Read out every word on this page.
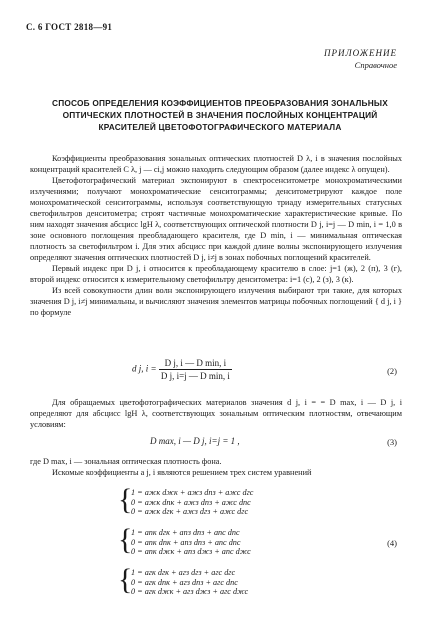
С. 6 ГОСТ 2818—91
ПРИЛОЖЕНИЕ
Справочное
СПОСОБ ОПРЕДЕЛЕНИЯ КОЭФФИЦИЕНТОВ ПРЕОБРАЗОВАНИЯ ЗОНАЛЬНЫХ ОПТИЧЕСКИХ ПЛОТНОСТЕЙ В ЗНАЧЕНИЯ ПОСЛОЙНЫХ КОНЦЕНТРАЦИЙ КРАСИТЕЛЕЙ ЦВЕТОФОТОГРАФИЧЕСКОГО МАТЕРИАЛА

Коэффициенты преобразования зональных оптических плотностей D λ, i в значения послойных концентраций красителей C λ, j — ci,j можно находить следующим образом (далее индекс λ опущен).

Цветофотографический материал экспонируют в спектросенситометре монохроматическими излучениями; получают монохроматические сенситограммы; денситометрируют каждое поле монохроматической сенситограммы, используя соответствующую триаду измерительных статусных светофильтров денситометра; строят частичные монохроматические характеристические кривые. По ним находят значения абсцисс lgH λ, соответствующих оптической плотности D j, i=j — D min, i = 1,0 в зоне основного поглощения преобладающего красителя, где D min, i — минимальная оптическая плотность за светофильтром i. Для этих абсцисс при каждой длине волны экспонирующего излучения определяют значения оптических плотностей D j, i≠j в зонах побочных поглощений красителей.

Первый индекс при D j, i относится к преобладающему красителю в слое: j=1 (ж), 2 (п), 3 (г), второй индекс относится к измерительному светофильтру денситометра: i=1 (с), 2 (з), 3 (к).

Из всей совокупности длин волн экспонирующего излучения выбирают три такие, для которых значения D j, i≠j минимальны, и вычисляют значения элементов матрицы побочных поглощений { d j, i } по формуле

d j, $i = \frac{\text{D j, i — D min, i}}{\text{D j, i=j — D min, i}}$	(2)

Для обращаемых цветофотографических материалов значения d j, i = = D max, i — D j, i определяют для абсцисс lgH λ, соответствующих зональным оптическим плотностям, отвечающим условиям:

D max, i — D j, i=j = 1 ,	(3)

где D max, i — зональная оптическая плотность фона.

Искомые коэффициенты a j, i являются решением трех систем уравнений

{
1 = aжк dжк + aжз dпз + aжс dгс
0 = aжк dпк + aжз dпз + aжс dпс
0 = aжк dгк + aжз dгз + aжс dгс
{
1 = aпк dгк + aпз dпз + aпс dпс
0 = aпк dпк + aпз dпз + aпс dпс
0 = aпк dжк + aпз dжз + aпс dжс
(4)
{
1 = aгк dгк + aгз dгз + aгс dгс
0 = aгк dпк + aгз dпз + aгс dпс
0 = aгк dжк + aгз dжз + aгс dжс
